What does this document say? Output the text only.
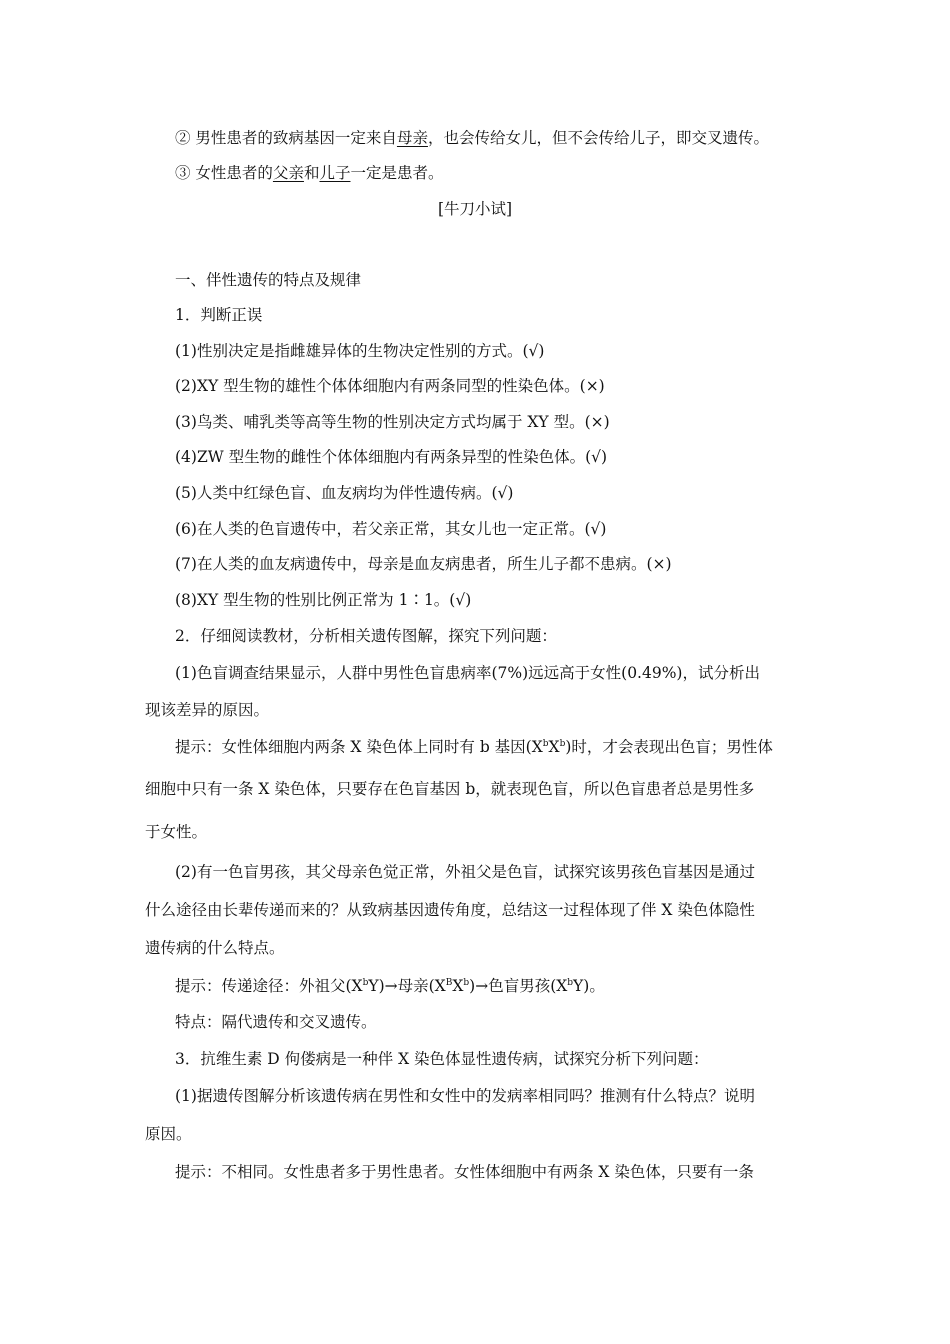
② 男性患者的致病基因一定来自母亲，也会传给女儿，但不会传给儿子，即交叉遗传。
③ 女性患者的父亲和儿子一定是患者。
[牛刀小试]
一、伴性遗传的特点及规律
1．判断正误
(1)性别决定是指雌雄异体的生物决定性别的方式。(√)
(2)XY 型生物的雄性个体体细胞内有两条同型的性染色体。(×)
(3)鸟类、哺乳类等高等生物的性别决定方式均属于 XY 型。(×)
(4)ZW 型生物的雌性个体体细胞内有两条异型的性染色体。(√)
(5)人类中红绿色盲、血友病均为伴性遗传病。(√)
(6)在人类的色盲遗传中，若父亲正常，其女儿也一定正常。(√)
(7)在人类的血友病遗传中，母亲是血友病患者，所生儿子都不患病。(×)
(8)XY 型生物的性别比例正常为 1∶1。(√)
2．仔细阅读教材，分析相关遗传图解，探究下列问题：
(1)色盲调查结果显示，人群中男性色盲患病率(7%)远远高于女性(0.49%)，试分析出
现该差异的原因。
提示：女性体细胞内两条 X 染色体上同时有 b 基因$(X^bX^b)$时，才会表现出色盲；男性体
细胞中只有一条 X 染色体，只要存在色盲基因 b，就表现色盲，所以色盲患者总是男性多
于女性。
(2)有一色盲男孩，其父母亲色觉正常，外祖父是色盲，试探究该男孩色盲基因是通过
什么途径由长辈传递而来的？从致病基因遗传角度，总结这一过程体现了伴 X 染色体隐性
遗传病的什么特点。
提示：传递途径：外祖父$(X^bY)\to$母亲$(X^BX^b)\to$色盲男孩$(X^bY)$。
特点：隔代遗传和交叉遗传。
3．抗维生素 D 佝偻病是一种伴 X 染色体显性遗传病，试探究分析下列问题：
(1)据遗传图解分析该遗传病在男性和女性中的发病率相同吗？推测有什么特点？说明
原因。
提示：不相同。女性患者多于男性患者。女性体细胞中有两条 X 染色体，只要有一条
